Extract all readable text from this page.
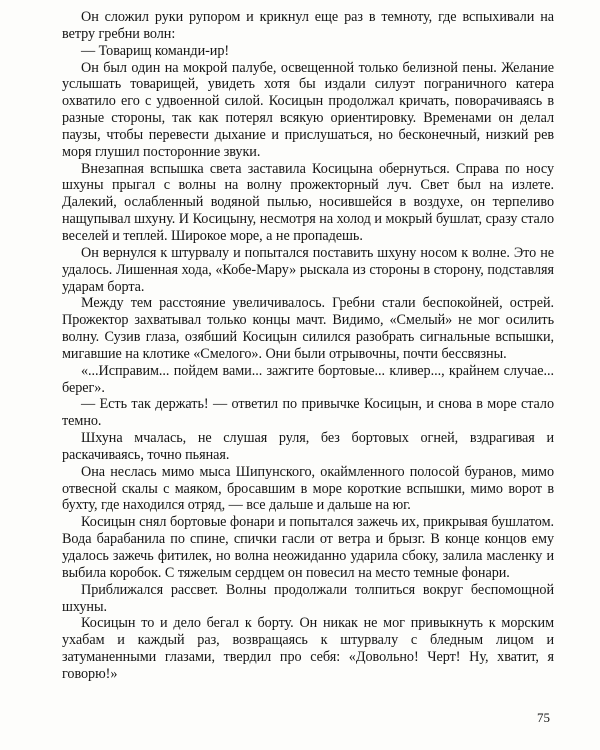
Он сложил руки рупором и крикнул еще раз в темноту, где вспыхивали на ветру гребни волн:

— Товарищ команди-ир!

Он был один на мокрой палубе, освещенной только белизной пены. Желание услышать товарищей, увидеть хотя бы издали силуэт пограничного катера охватило его с удвоенной силой. Косицын продолжал кричать, поворачиваясь в разные стороны, так как потерял всякую ориентировку. Временами он делал паузы, чтобы перевести дыхание и прислушаться, но бесконечный, низкий рев моря глушил посторонние звуки.

Внезапная вспышка света заставила Косицына обернуться. Справа по носу шхуны прыгал с волны на волну прожекторный луч. Свет был на излете. Далекий, ослабленный водяной пылью, носившейся в воздухе, он терпеливо нащупывал шхуну. И Косицыну, несмотря на холод и мокрый бушлат, сразу стало веселей и теплей. Широкое море, а не пропадешь.

Он вернулся к штурвалу и попытался поставить шхуну носом к волне. Это не удалось. Лишенная хода, «Кобе-Мару» рыскала из стороны в сторону, подставляя ударам борта.

Между тем расстояние увеличивалось. Гребни стали беспокойней, острей. Прожектор захватывал только концы мачт. Видимо, «Смелый» не мог осилить волну. Сузив глаза, озябший Косицын силился разобрать сигнальные вспышки, мигавшие на клотике «Смелого». Они были отрывочны, почти бессвязны.

«...Исправим... пойдем вами... зажгите бортовые... кливер..., крайнем случае... берег».

— Есть так держать! — ответил по привычке Косицын, и снова в море стало темно.

Шхуна мчалась, не слушая руля, без бортовых огней, вздрагивая и раскачиваясь, точно пьяная.

Она неслась мимо мыса Шипунского, окаймленного полосой буранов, мимо отвесной скалы с маяком, бросавшим в море короткие вспышки, мимо ворот в бухту, где находился отряд, — все дальше и дальше на юг.

Косицын снял бортовые фонари и попытался зажечь их, прикрывая бушлатом. Вода барабанила по спине, спички гасли от ветра и брызг. В конце концов ему удалось зажечь фитилек, но волна неожиданно ударила сбоку, залила масленку и выбила коробок. С тяжелым сердцем он повесил на место темные фонари.

Приближался рассвет. Волны продолжали толпиться вокруг беспомощной шхуны.

Косицын то и дело бегал к борту. Он никак не мог привыкнуть к морским ухабам и каждый раз, возвращаясь к штурвалу с бледным лицом и затуманенными глазами, твердил про себя: «Довольно! Черт! Ну, хватит, я говорю!»

75
